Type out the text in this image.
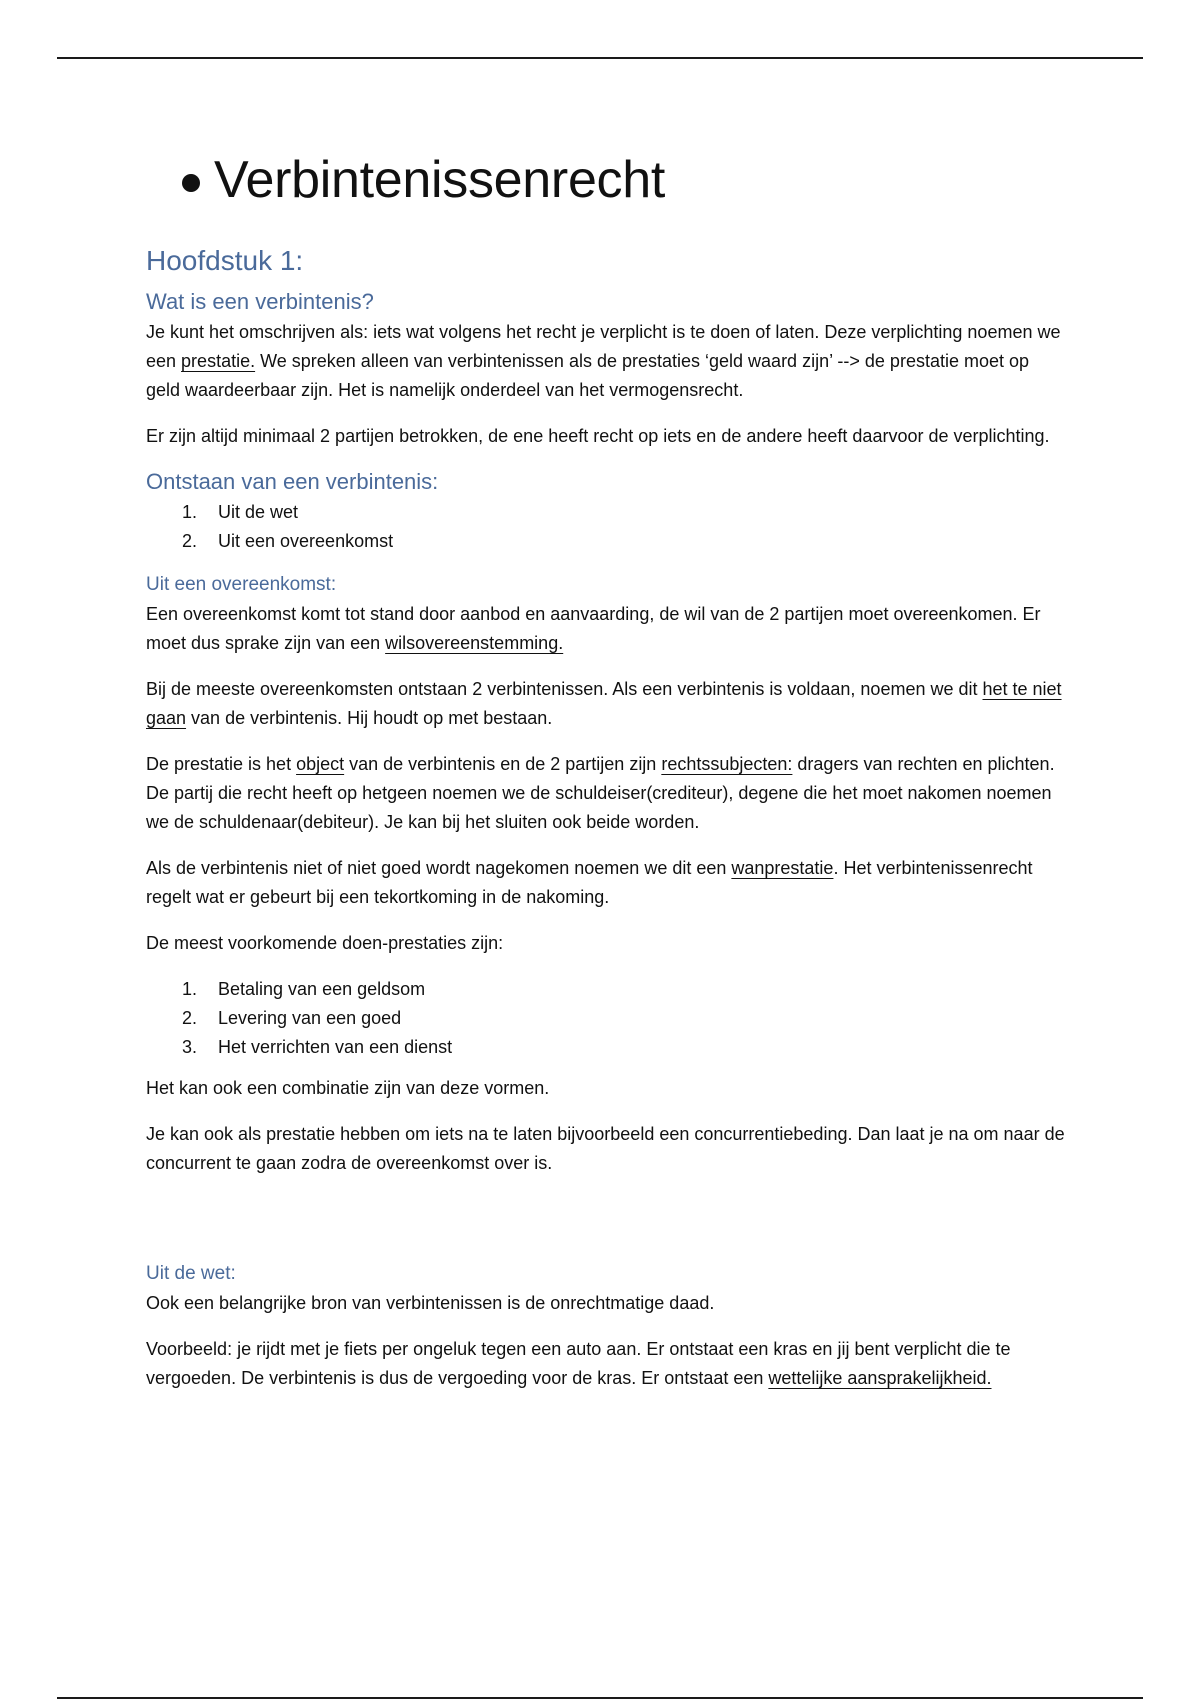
Verbintenissenrecht
Hoofdstuk 1:
Wat is een verbintenis?

Je kunt het omschrijven als: iets wat volgens het recht je verplicht is te doen of laten. Deze verplichting noemen we een prestatie. We spreken alleen van verbintenissen als de prestaties ‘geld waard zijn’ --> de prestatie moet op geld waardeerbaar zijn. Het is namelijk onderdeel van het vermogensrecht.

Er zijn altijd minimaal 2 partijen betrokken, de ene heeft recht op iets en de andere heeft daarvoor de verplichting.

Ontstaan van een verbintenis:
1.	Uit de wet
2.	Uit een overeenkomst
Uit een overeenkomst:

Een overeenkomst komt tot stand door aanbod en aanvaarding, de wil van de 2 partijen moet overeenkomen. Er moet dus sprake zijn van een wilsovereenstemming.

Bij de meeste overeenkomsten ontstaan 2 verbintenissen. Als een verbintenis is voldaan, noemen we dit het te niet gaan van de verbintenis. Hij houdt op met bestaan.

De prestatie is het object van de verbintenis en de 2 partijen zijn rechtssubjecten: dragers van rechten en plichten. De partij die recht heeft op hetgeen noemen we de schuldeiser(crediteur), degene die het moet nakomen noemen we de schuldenaar(debiteur). Je kan bij het sluiten ook beide worden.

Als de verbintenis niet of niet goed wordt nagekomen noemen we dit een wanprestatie. Het verbintenissenrecht regelt wat er gebeurt bij een tekortkoming in de nakoming.

De meest voorkomende doen-prestaties zijn:

1.	Betaling van een geldsom
2.	Levering van een goed
3.	Het verrichten van een dienst

Het kan ook een combinatie zijn van deze vormen.

Je kan ook als prestatie hebben om iets na te laten bijvoorbeeld een concurrentiebeding. Dan laat je na om naar de concurrent te gaan zodra de overeenkomst over is.

Uit de wet:

Ook een belangrijke bron van verbintenissen is de onrechtmatige daad.

Voorbeeld: je rijdt met je fiets per ongeluk tegen een auto aan. Er ontstaat een kras en jij bent verplicht die te vergoeden. De verbintenis is dus de vergoeding voor de kras. Er ontstaat een wettelijke aansprakelijkheid.
